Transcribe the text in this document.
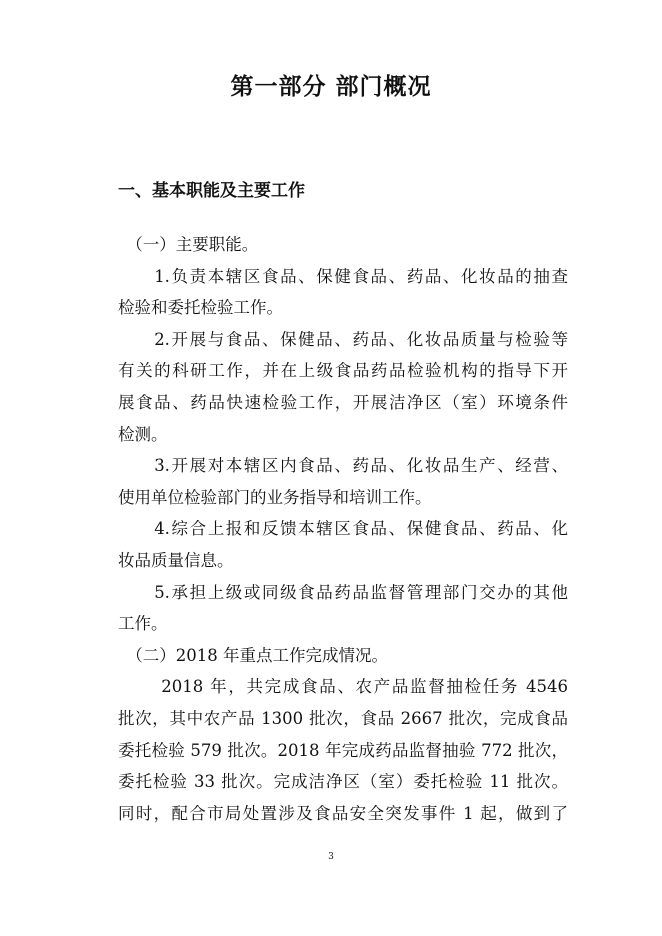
第一部分 部门概况
一、基本职能及主要工作
　（一）主要职能。
　　1.负责本辖区食品、保健食品、药品、化妆品的抽查
检验和委托检验工作。
　　2.开展与食品、保健品、药品、化妆品质量与检验等
有关的科研工作，并在上级食品药品检验机构的指导下开
展食品、药品快速检验工作，开展洁净区（室）环境条件
检测。
　　3.开展对本辖区内食品、药品、化妆品生产、经营、
使用单位检验部门的业务指导和培训工作。
　　4.综合上报和反馈本辖区食品、保健食品、药品、化
妆品质量信息。
　　5.承担上级或同级食品药品监督管理部门交办的其他
工作。
　（二）2018 年重点工作完成情况。
　　 2018 年，共完成食品、农产品监督抽检任务 4546
批次，其中农产品 1300 批次，食品 2667 批次，完成食品
委托检验 579 批次。2018 年完成药品监督抽验 772 批次，
委托检验 33 批次。完成洁净区（室）委托检验 11 批次。
同时，配合市局处置涉及食品安全突发事件 1 起，做到了
3
